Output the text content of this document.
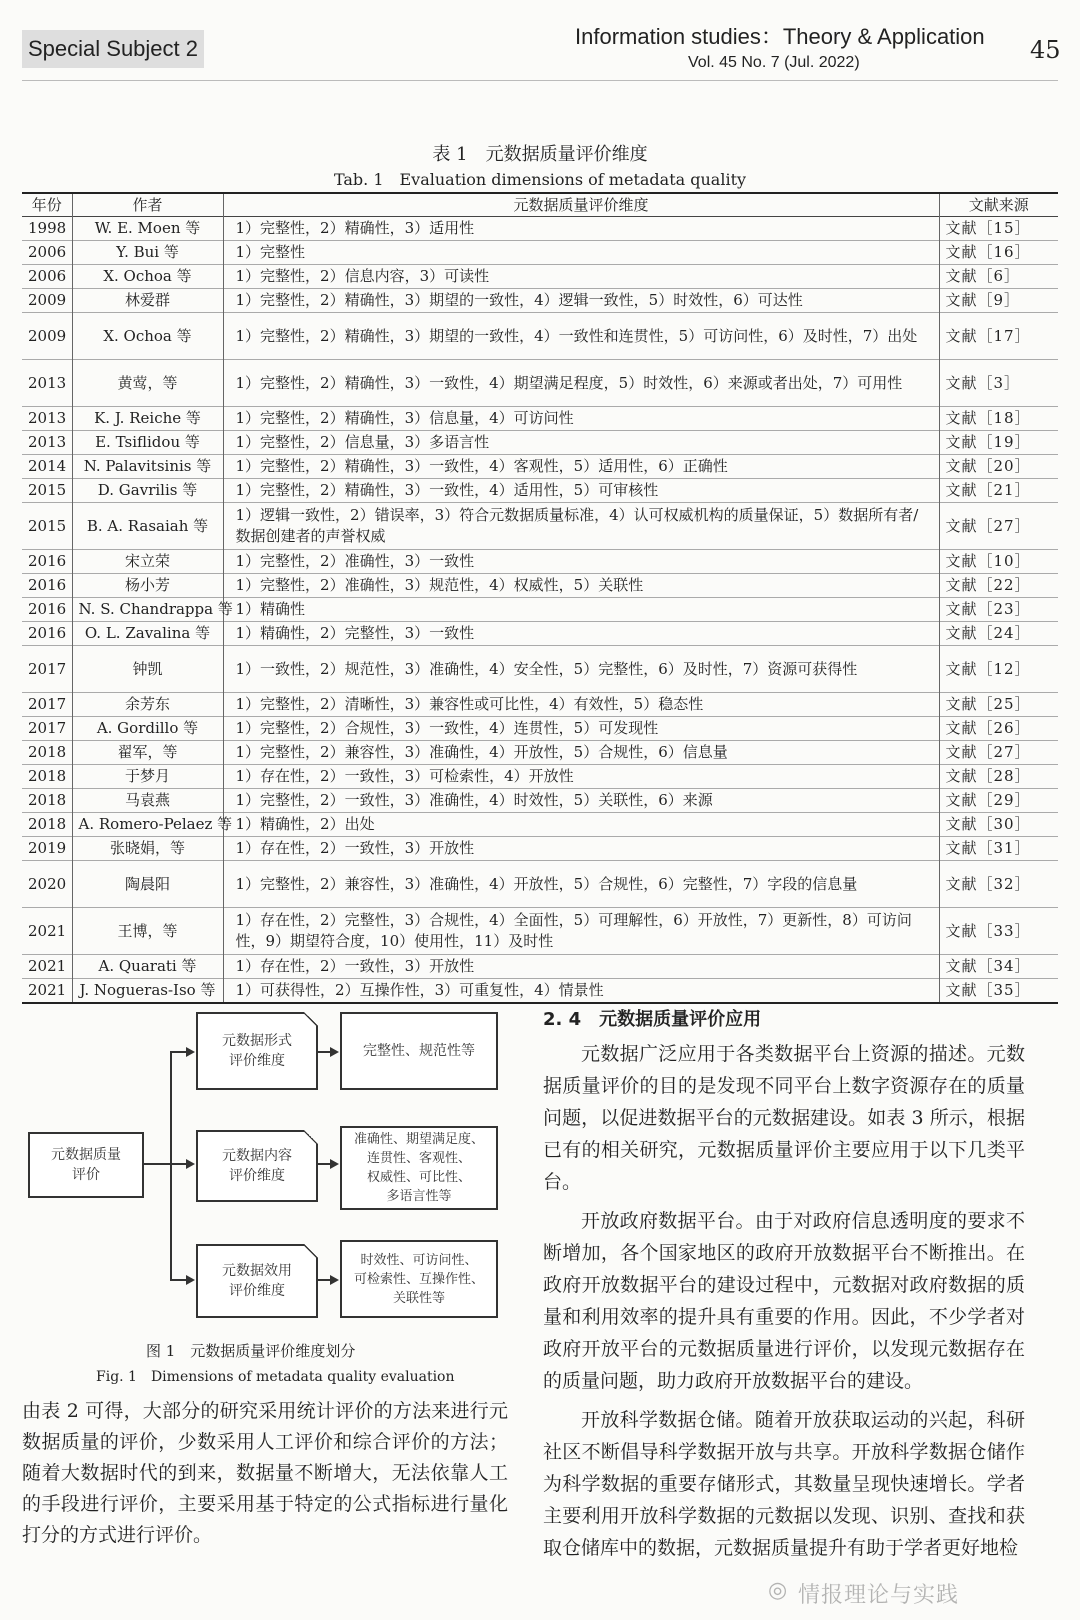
Special Subject 2	Information studies：Theory & Application
Vol. 45 No. 7 (Jul. 2022)	45
表 1　元数据质量评价维度
Tab. 1　Evaluation dimensions of metadata quality
年份	作者	元数据质量评价维度	文献来源
1998	W. E. Moen 等	1）完整性，2）精确性，3）适用性	文献［15］
2006	Y. Bui 等	1）完整性	文献［16］
2006	X. Ochoa 等	1）完整性，2）信息内容，3）可读性	文献［6］
2009	林爱群	1）完整性，2）精确性，3）期望的一致性，4）逻辑一致性，5）时效性，6）可达性	文献［9］
2009	X. Ochoa 等	1）完整性，2）精确性，3）期望的一致性，4）一致性和连贯性，5）可访问性，6）及时性，7）出处	文献［17］
2013	黄莺，等	1）完整性，2）精确性，3）一致性，4）期望满足程度，5）时效性，6）来源或者出处，7）可用性	文献［3］
2013	K. J. Reiche 等	1）完整性，2）精确性，3）信息量，4）可访问性	文献［18］
2013	E. Tsiflidou 等	1）完整性，2）信息量，3）多语言性	文献［19］
2014	N. Palavitsinis 等	1）完整性，2）精确性，3）一致性，4）客观性，5）适用性，6）正确性	文献［20］
2015	D. Gavrilis 等	1）完整性，2）精确性，3）一致性，4）适用性，5）可审核性	文献［21］
2015	B. A. Rasaiah 等	1）逻辑一致性，2）错误率，3）符合元数据质量标准，4）认可权威机构的质量保证，5）数据所有者/数据创建者的声誉权威	文献［27］
2016	宋立荣	1）完整性，2）准确性，3）一致性	文献［10］
2016	杨小芳	1）完整性，2）准确性，3）规范性，4）权威性，5）关联性	文献［22］
2016	N. S. Chandrappa 等	1）精确性	文献［23］
2016	O. L. Zavalina 等	1）精确性，2）完整性，3）一致性	文献［24］
2017	钟凯	1）一致性，2）规范性，3）准确性，4）安全性，5）完整性，6）及时性，7）资源可获得性	文献［12］
2017	余芳东	1）完整性，2）清晰性，3）兼容性或可比性，4）有效性，5）稳态性	文献［25］
2017	A. Gordillo 等	1）完整性，2）合规性，3）一致性，4）连贯性，5）可发现性	文献［26］
2018	翟军，等	1）完整性，2）兼容性，3）准确性，4）开放性，5）合规性，6）信息量	文献［27］
2018	于梦月	1）存在性，2）一致性，3）可检索性，4）开放性	文献［28］
2018	马袁燕	1）完整性，2）一致性，3）准确性，4）时效性，5）关联性，6）来源	文献［29］
2018	A. Romero-Pelaez 等	1）精确性，2）出处	文献［30］
2019	张晓娟，等	1）存在性，2）一致性，3）开放性	文献［31］
2020	陶晨阳	1）完整性，2）兼容性，3）准确性，4）开放性，5）合规性，6）完整性，7）字段的信息量	文献［32］
2021	王博，等	1）存在性，2）完整性，3）合规性，4）全面性，5）可理解性，6）开放性，7）更新性，8）可访问性，9）期望符合度，10）使用性，11）及时性	文献［33］
2021	A. Quarati 等	1）存在性，2）一致性，3）开放性	文献［34］
2021	J. Nogueras-Iso 等	1）可获得性，2）互操作性，3）可重复性，4）情景性	文献［35］
元数据质量
评价
元数据形式
评价维度
完整性、规范性等
元数据内容
评价维度
准确性、期望满足度、
连贯性、客观性、
权威性、可比性、
多语言性等
元数据效用
评价维度
时效性、可访问性、
可检索性、互操作性、
关联性等
图 1　元数据质量评价维度划分
Fig. 1　Dimensions of metadata quality evaluation

由表 2 可得，大部分的研究采用统计评价的方法来进行元数据质量的评价，少数采用人工评价和综合评价的方法；随着大数据时代的到来，数据量不断增大，无法依靠人工的手段进行评价，主要采用基于特定的公式指标进行量化打分的方式进行评价。

2. 4　元数据质量评价应用

元数据广泛应用于各类数据平台上资源的描述。元数据质量评价的目的是发现不同平台上数字资源存在的质量问题，以促进数据平台的元数据建设。如表 3 所示，根据已有的相关研究，元数据质量评价主要应用于以下几类平台。

开放政府数据平台。由于对政府信息透明度的要求不断增加，各个国家地区的政府开放数据平台不断推出。在政府开放数据平台的建设过程中，元数据对政府数据的质量和利用效率的提升具有重要的作用。因此，不少学者对政府开放平台的元数据质量进行评价，以发现元数据存在的质量问题，助力政府开放数据平台的建设。

开放科学数据仓储。随着开放获取运动的兴起，科研社区不断倡导科学数据开放与共享。开放科学数据仓储作为科学数据的重要存储形式，其数量呈现快速增长。学者主要利用开放科学数据的元数据以发现、识别、查找和获取仓储库中的数据，元数据质量提升有助于学者更好地检

◎ 情报理论与实践
